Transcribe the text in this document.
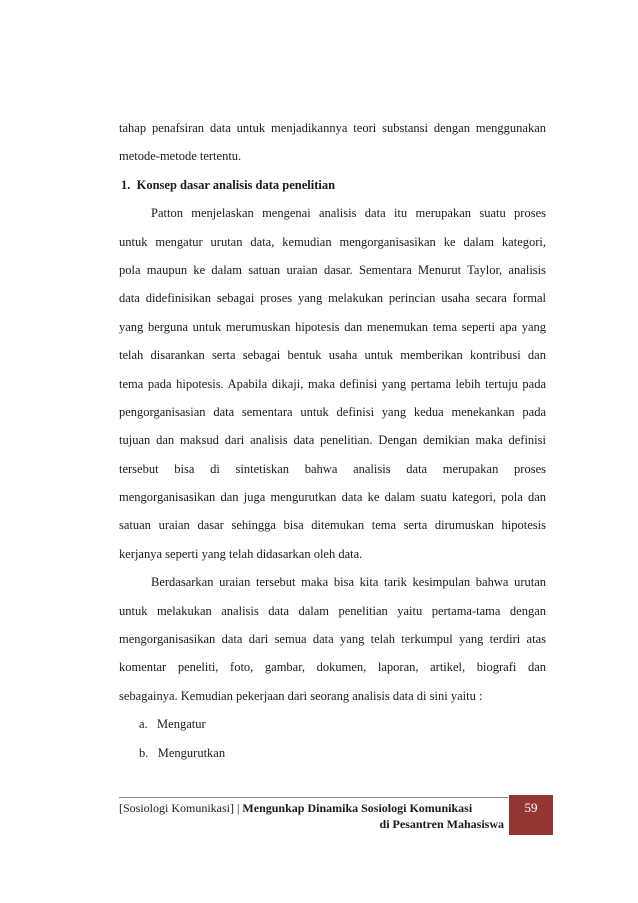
tahap penafsiran data untuk menjadikannya teori substansi dengan menggunakan
metode-metode tertentu.
1.  Konsep dasar analisis data penelitian
Patton menjelaskan mengenai analisis data itu merupakan suatu proses
untuk mengatur urutan data, kemudian mengorganisasikan ke dalam kategori,
pola maupun ke dalam satuan uraian dasar. Sementara Menurut Taylor, analisis
data didefinisikan sebagai proses yang melakukan perincian usaha secara formal
yang berguna untuk merumuskan hipotesis dan menemukan tema seperti apa yang
telah disarankan serta sebagai bentuk usaha untuk memberikan kontribusi dan
tema pada hipotesis. Apabila dikaji, maka definisi yang pertama lebih tertuju pada
pengorganisasian data sementara untuk definisi yang kedua menekankan pada
tujuan dan maksud dari analisis data penelitian. Dengan demikian maka definisi
tersebut bisa di sintetiskan bahwa analisis data merupakan proses
mengorganisasikan dan juga mengurutkan data ke dalam suatu kategori, pola dan
satuan uraian dasar sehingga bisa ditemukan tema serta dirumuskan hipotesis
kerjanya seperti yang telah didasarkan oleh data.
Berdasarkan uraian tersebut maka bisa kita tarik kesimpulan bahwa urutan
untuk melakukan analisis data dalam penelitian yaitu pertama-tama dengan
mengorganisasikan data dari semua data yang telah terkumpul yang terdiri atas
komentar peneliti, foto, gambar, dokumen, laporan, artikel, biografi dan
sebagainya. Kemudian pekerjaan dari seorang analisis data di sini yaitu :
a.   Mengatur
b.   Mengurutkan
[Sosiologi Komunikasi] | Mengunkap Dinamika Sosiologi Komunikasi
di Pesantren Mahasiswa
59
